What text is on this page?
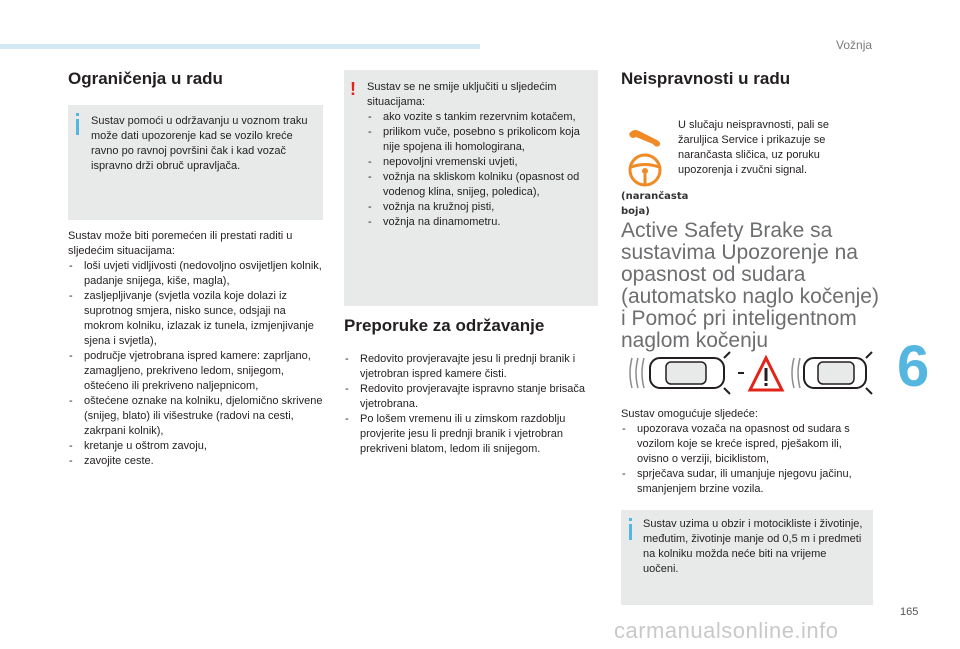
Vožnja
6
165
carmanualsonline.info
Ograničenja u radu
Sustav pomoći u održavanju u voznom traku može dati upozorenje kad se vozilo kreće ravno po ravnoj površini čak i kad vozač ispravno drži obruč upravljača.
Sustav može biti poremećen ili prestati raditi u sljedećim situacijama:
- loši uvjeti vidljivosti (nedovoljno osvijetljen kolnik, padanje snijega, kiše, magla),
- zasljepljivanje (svjetla vozila koje dolazi iz suprotnog smjera, nisko sunce, odsjaji na mokrom kolniku, izlazak iz tunela, izmjenjivanje sjena i svjetla),
- područje vjetrobrana ispred kamere: zaprljano, zamagljeno, prekriveno ledom, snijegom, oštećeno ili prekriveno naljepnicom,
- oštećene oznake na kolniku, djelomično skrivene (snijeg, blato) ili višestruke (radovi na cesti, zakrpani kolnik),
- kretanje u oštrom zavoju,
- zavojite ceste.
! Sustav se ne smije uključiti u sljedećim situacijama:
- ako vozite s tankim rezervnim kotačem,
- prilikom vuče, posebno s prikolicom koja nije spojena ili homologirana,
- nepovoljni vremenski uvjeti,
- vožnja na skliskom kolniku (opasnost od vodenog klina, snijeg, poledica),
- vožnja na kružnoj pisti,
- vožnja na dinamometru.
Preporuke za održavanje
- Redovito provjeravajte jesu li prednji branik i vjetrobran ispred kamere čisti.
- Redovito provjeravajte ispravno stanje brisača vjetrobrana.
- Po lošem vremenu ili u zimskom razdoblju provjerite jesu li prednji branik i vjetrobran prekriveni blatom, ledom ili snijegom.
Neispravnosti u radu
(narančasta
boja)
U slučaju neispravnosti, pali se žaruljica Service i prikazuje se narančasta sličica, uz poruku upozorenja i zvučni signal.
Active Safety Brake sa sustavima Upozorenje na opasnost od sudara (automatsko naglo kočenje) i Pomoć pri inteligentnom naglom kočenju
Sustav omogućuje sljedeće:
- upozorava vozača na opasnost od sudara s vozilom koje se kreće ispred, pješakom ili, ovisno o verziji, biciklistom,
- sprječava sudar, ili umanjuje njegovu jačinu, smanjenjem brzine vozila.
Sustav uzima u obzir i motocikliste i životinje, međutim, životinje manje od 0,5 m i predmeti na kolniku možda neće biti na vrijeme uočeni.
